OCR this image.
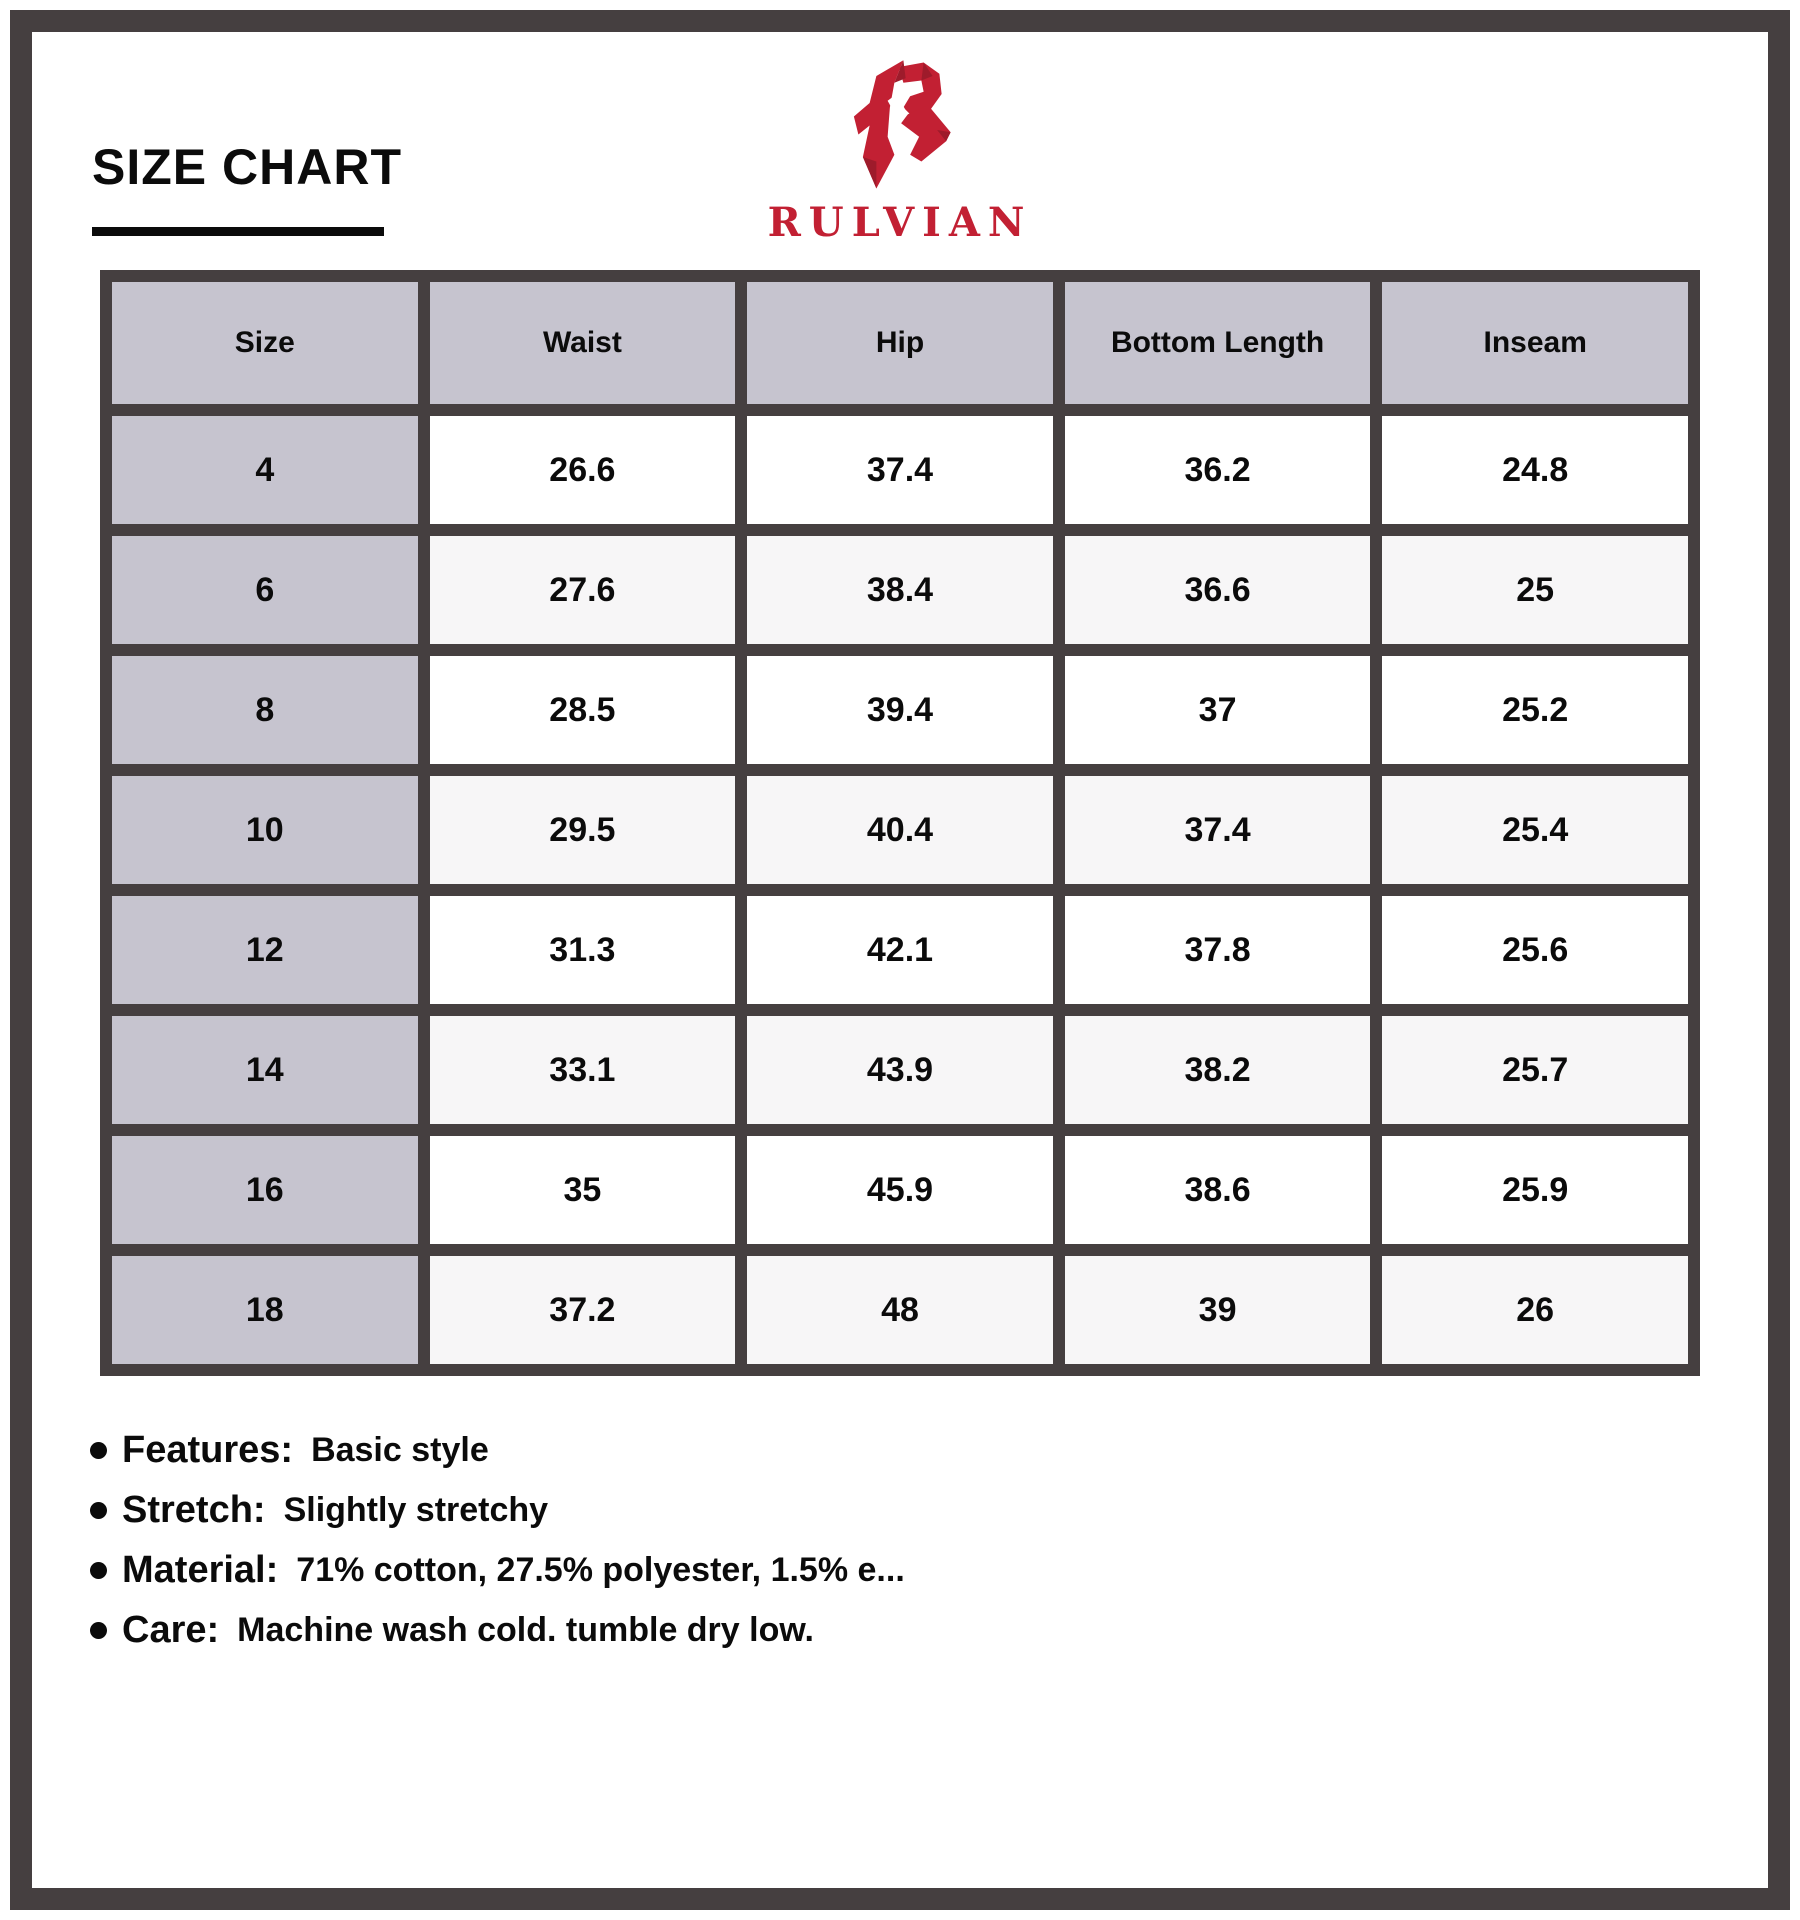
SIZE CHART
RULVIAN
Size	Waist	Hip	Bottom Length	Inseam
4	26.6	37.4	36.2	24.8
6	27.6	38.4	36.6	25
8	28.5	39.4	37	25.2
10	29.5	40.4	37.4	25.4
12	31.3	42.1	37.8	25.6
14	33.1	43.9	38.2	25.7
16	35	45.9	38.6	25.9
18	37.2	48	39	26
Features: Basic style
Stretch: Slightly stretchy
Material: 71% cotton, 27.5% polyester, 1.5% e...
Care: Machine wash cold. tumble dry low.
